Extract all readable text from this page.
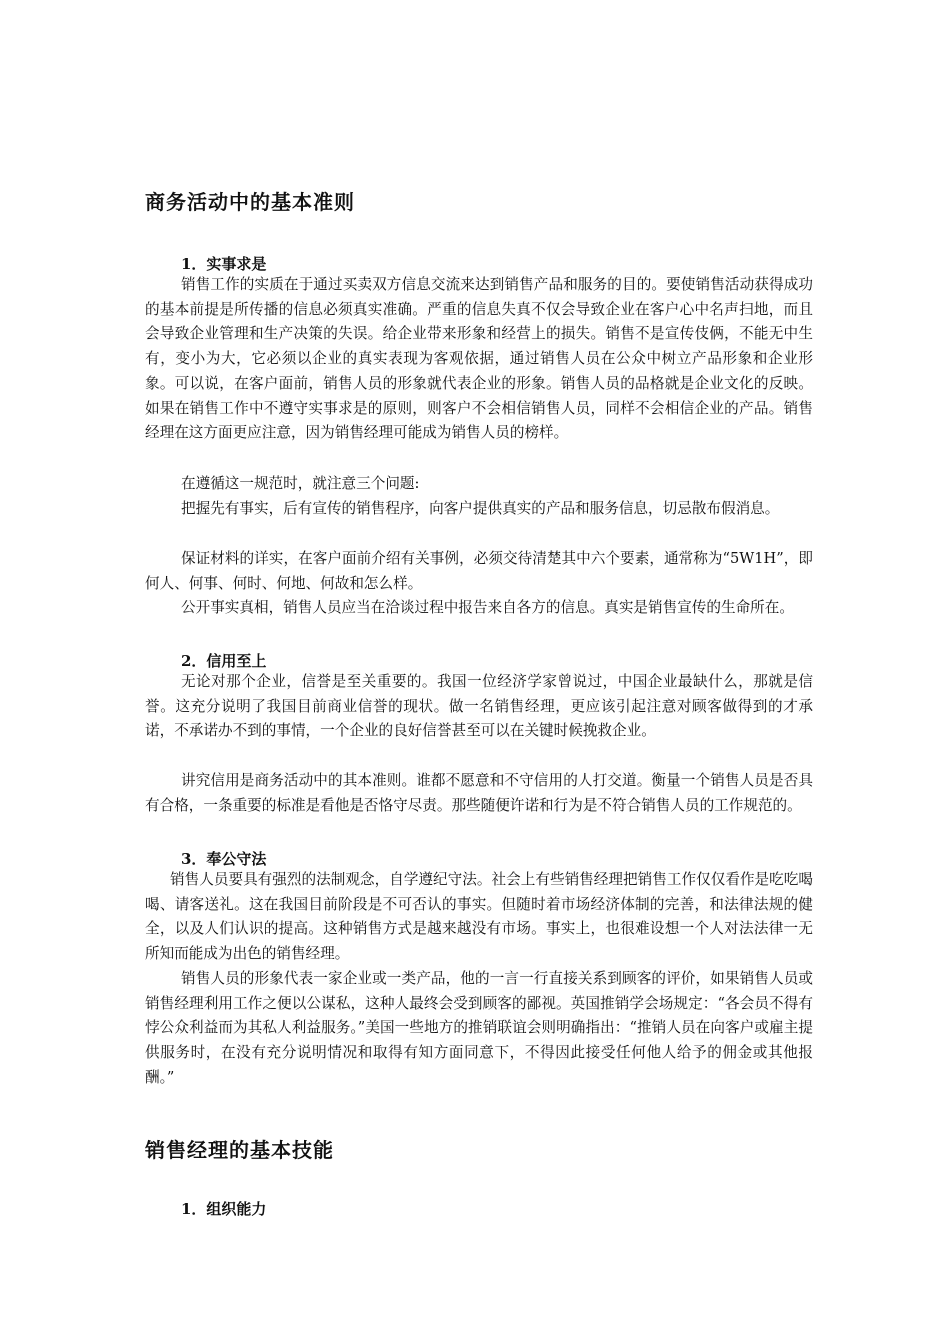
商务活动中的基本准则
1．实事求是
销售工作的实质在于通过买卖双方信息交流来达到销售产品和服务的目的。要使销售活动获得成功的基本前提是所传播的信息必须真实准确。严重的信息失真不仅会导致企业在客户心中名声扫地，而且会导致企业管理和生产决策的失误。给企业带来形象和经营上的损失。销售不是宣传伎俩，不能无中生有，变小为大，它必须以企业的真实表现为客观依据，通过销售人员在公众中树立产品形象和企业形象。可以说，在客户面前，销售人员的形象就代表企业的形象。销售人员的品格就是企业文化的反映。如果在销售工作中不遵守实事求是的原则，则客户不会相信销售人员，同样不会相信企业的产品。销售经理在这方面更应注意，因为销售经理可能成为销售人员的榜样。
在遵循这一规范时，就注意三个问题:
把握先有事实，后有宣传的销售程序，向客户提供真实的产品和服务信息，切忌散布假消息。
保证材料的详实，在客户面前介绍有关事例，必须交待清楚其中六个要素，通常称为“5W1H”，即何人、何事、何时、何地、何故和怎么样。
公开事实真相，销售人员应当在洽谈过程中报告来自各方的信息。真实是销售宣传的生命所在。
2．信用至上
无论对那个企业，信誉是至关重要的。我国一位经济学家曾说过，中国企业最缺什么，那就是信誉。这充分说明了我国目前商业信誉的现状。做一名销售经理，更应该引起注意对顾客做得到的才承诺，不承诺办不到的事情，一个企业的良好信誉甚至可以在关键时候挽救企业。
讲究信用是商务活动中的其本准则。谁都不愿意和不守信用的人打交道。衡量一个销售人员是否具有合格，一条重要的标准是看他是否恪守尽责。那些随便许诺和行为是不符合销售人员的工作规范的。
3．奉公守法
销售人员要具有强烈的法制观念，自学遵纪守法。社会上有些销售经理把销售工作仅仅看作是吃吃喝喝、请客送礼。这在我国目前阶段是不可否认的事实。但随时着市场经济体制的完善，和法律法规的健全，以及人们认识的提高。这种销售方式是越来越没有市场。事实上，也很难设想一个人对法法律一无所知而能成为出色的销售经理。
销售人员的形象代表一家企业或一类产品，他的一言一行直接关系到顾客的评价，如果销售人员或销售经理利用工作之便以公谋私，这种人最终会受到顾客的鄙视。英国推销学会场规定：“各会员不得有悖公众利益而为其私人利益服务。”美国一些地方的推销联谊会则明确指出：“推销人员在向客户或雇主提供服务时，在没有充分说明情况和取得有知方面同意下，不得因此接受任何他人给予的佣金或其他报酬。”
销售经理的基本技能
1．组织能力
